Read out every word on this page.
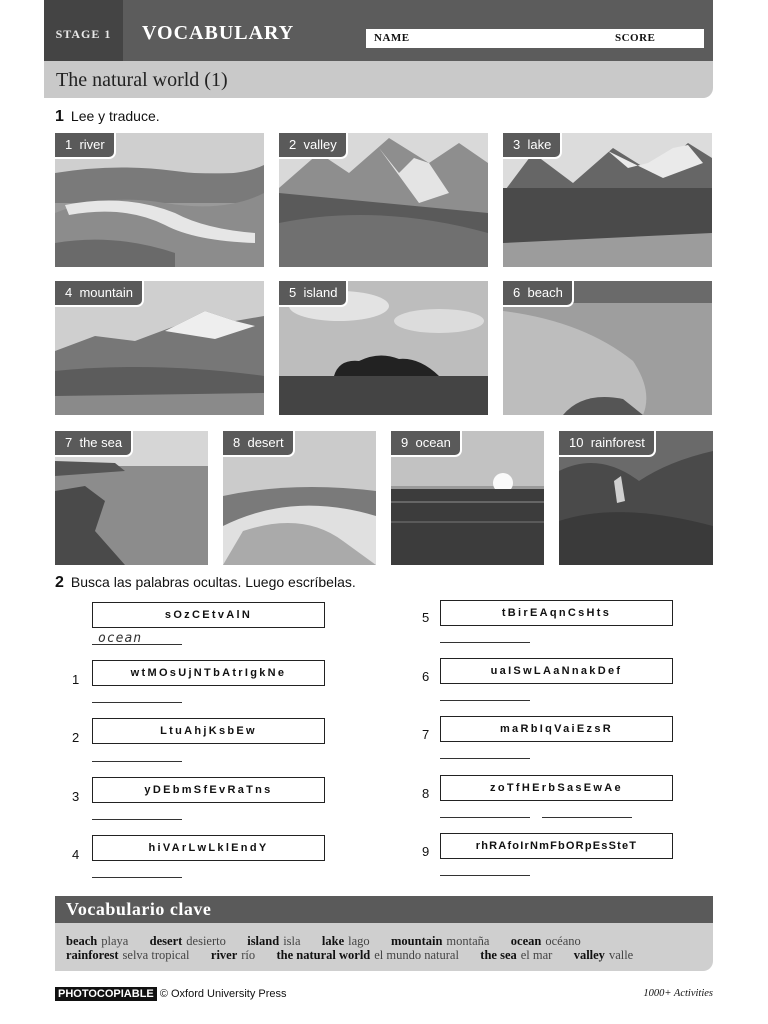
STAGE 1	VOCABULARY	NAME	SCORE
The natural world (1)
1 Lee y traduce.
1 river	2 valley	3 lake
4 mountain	5 island	6 beach
7 the sea	8 desert	9 ocean	10 rainforest
2 Busca las palabras ocultas. Luego escríbelas.
sOzCEtvAlN
ocean
1	wtMOsUjNTbAtrIgkNe
2	LtuAhjKsbEw
3	yDEbmSfEvRaTns
4	hiVArLwLklEndY
5	tBirEAqnCsHts
6	uaISwLAaNnakDef
7	maRbIqVaiEzsR
8	zoTfHErbSasEwAe
9	rhRAfoIrNmFbORpEsSteT
Vocabulario clave
beach playa desert desierto island isla lake lago mountain montaña ocean océano
rainforest selva tropical river río the natural world el mundo natural the sea el mar valley valle
PHOTOCOPIABLE © Oxford University Press	1000+ Activities
